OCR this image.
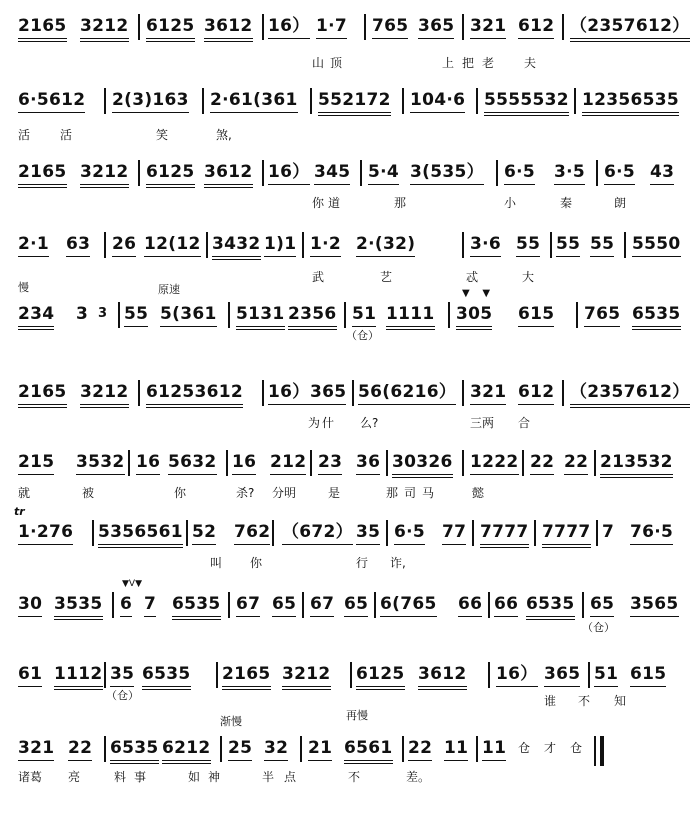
2165 3212 6125 3612 16） 1·7 765 365 321 612 （2357612）
山顶	上把老 夫
6·5612 2(3)163 2·61(361 552172 104·6 5555532 12356535
活 活	笑	煞,
2165 3212 6125 3612 16） 345 5·4 3(535） 6·5 3·5 6·5 43
你道	那	小	秦	朗
2·1 63 26 12(12 3432 1)1 1·2 2·(32)	3·6 55 55 55 5550
武	艺	忒	大
慢	原速
234 3 3 55 5(361 5131 2356 51 1111
▼    ▼
305 615 765 6535
（仓）
2165 3212 61253612 16） 365 56(6216） 321 612 （2357612）
为什 么?	三两 合
215 3532 16 5632 16 212 23 36 30326 1222 22 22 213532
就	被	你	杀? 分明	是	那司马	懿
tr
1·276 5356561 52 762 （672） 35 6·5 77 7777 7777 7 76·5
叫 你	行 诈,
30 3535
▼V▼
6 7 6535 67 65 67 65 6(765 66 66 6535 65 3565
（仓）
61 1112 35 6535 2165 3212 6125 3612 16） 365 51 615
（仓）	谁 不 知
渐慢	再慢
321 22 6535 6212 25 32 21 6561 22 11 11 仓 才 仓
诸葛 亮	料事	如神	半点	不	差。
